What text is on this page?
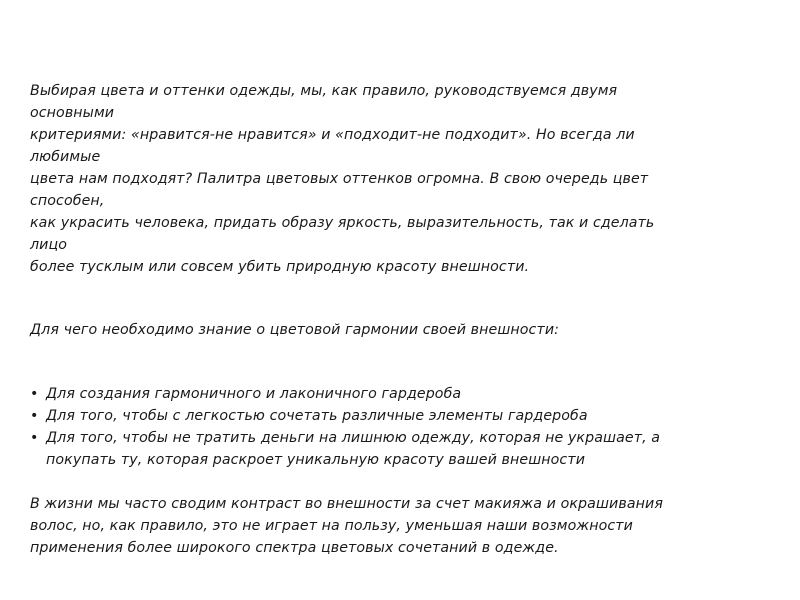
Выбирая цвета и оттенки одежды, мы, как правило, руководствуемся двумя
основными
критериями: «нравится-не нравится» и «подходит-не подходит». Но всегда ли
любимые
цвета нам подходят? Палитра цветовых оттенков огромна. В свою очередь цвет
способен,
как украсить человека, придать образу яркость, выразительность, так и сделать
лицо
более тусклым или совсем убить природную красоту внешности.
Для чего необходимо знание о цветовой гармонии своей внешности:
• Для создания гармоничного и лаконичного гардероба
• Для того, чтобы с легкостью сочетать различные элементы гардероба
• Для того, чтобы не тратить деньги на лишнюю одежду, которая не украшает, а
покупать ту, которая раскроет уникальную красоту вашей внешности
В жизни мы часто сводим контраст во внешности за счет макияжа и окрашивания
волос, но, как правило, это не играет на пользу, уменьшая наши возможности
применения более широкого спектра цветовых сочетаний в одежде.
